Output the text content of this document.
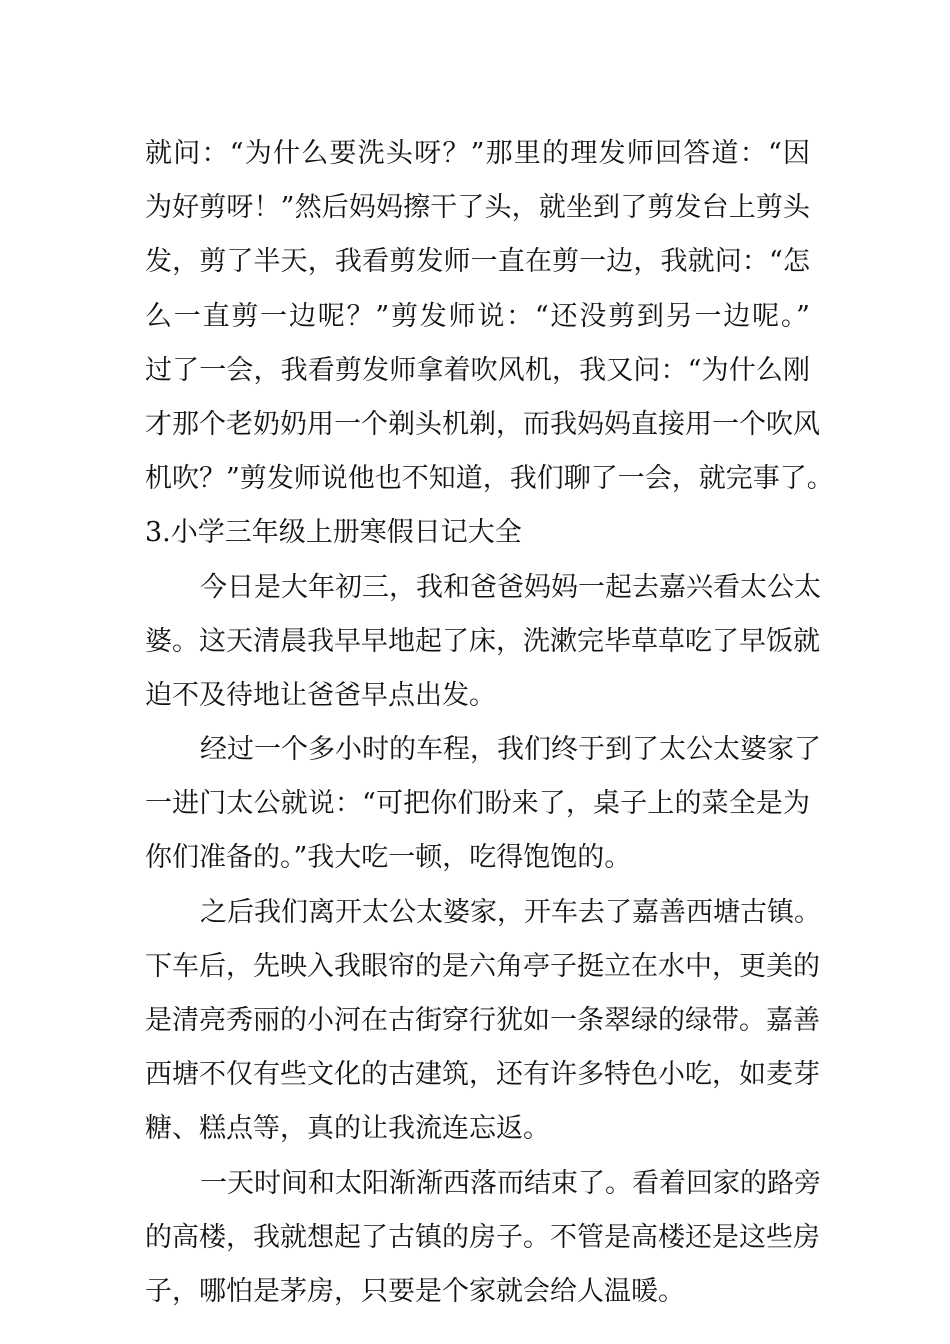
就问：“为什么要洗头呀？”那里的理发师回答道：“因
为好剪呀！”然后妈妈擦干了头，就坐到了剪发台上剪头
发，剪了半天，我看剪发师一直在剪一边，我就问：“怎
么一直剪一边呢？”剪发师说：“还没剪到另一边呢。”
过了一会，我看剪发师拿着吹风机，我又问：“为什么刚
才那个老奶奶用一个剃头机剃，而我妈妈直接用一个吹风
机吹？”剪发师说他也不知道，我们聊了一会，就完事了。
3.小学三年级上册寒假日记大全
今日是大年初三，我和爸爸妈妈一起去嘉兴看太公太
婆。这天清晨我早早地起了床，洗漱完毕草草吃了早饭就
迫不及待地让爸爸早点出发。
经过一个多小时的车程，我们终于到了太公太婆家了
一进门太公就说：“可把你们盼来了，桌子上的菜全是为
你们准备的。”我大吃一顿，吃得饱饱的。
之后我们离开太公太婆家，开车去了嘉善西塘古镇。
下车后，先映入我眼帘的是六角亭子挺立在水中，更美的
是清亮秀丽的小河在古街穿行犹如一条翠绿的绿带。嘉善
西塘不仅有些文化的古建筑，还有许多特色小吃，如麦芽
糖、糕点等，真的让我流连忘返。
一天时间和太阳渐渐西落而结束了。看着回家的路旁
的高楼，我就想起了古镇的房子。不管是高楼还是这些房
子，哪怕是茅房，只要是个家就会给人温暖。
